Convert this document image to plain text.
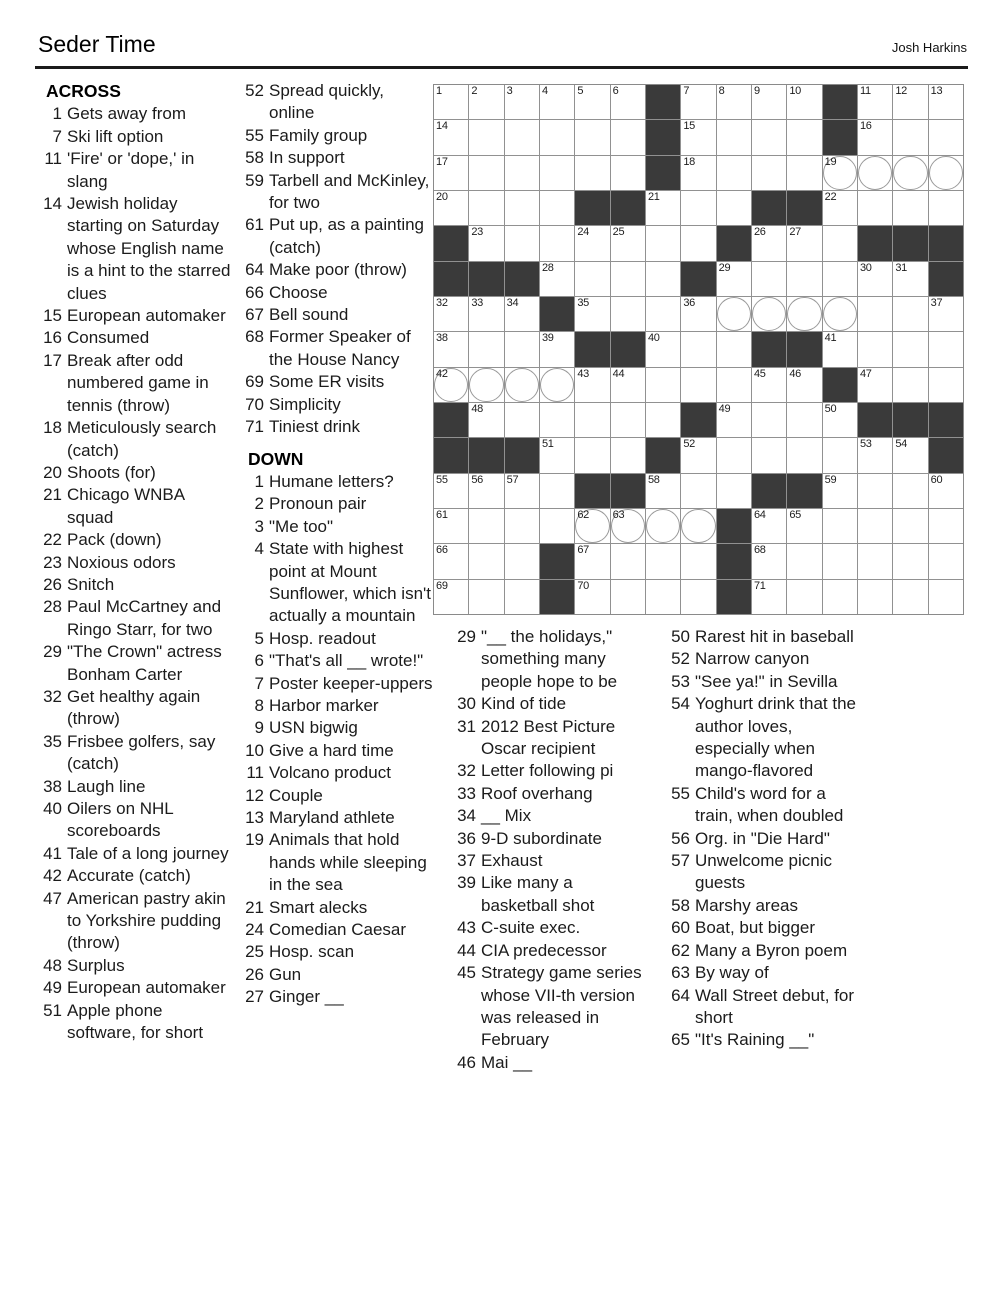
Seder Time	Josh Harkins
1	2	3	4	5	6	7	8	9	10	11 12 13
14	15	16
17	18	19
20	21	22
23	24 25	26 27
28	29	30 31
32 33 34	35	36	37
38	39	40	41
42	43 44	45 46	47
48	49	50
51	52	53 54
55 56 57	58	59	60
61	62 63	64 65
66	67	68
69	70	71
ACROSS
1 Gets away from
7 Ski lift option
11 'Fire' or 'dope,' in slang
14 Jewish holiday starting on Saturday whose English name is a hint to the starred clues
15 European automaker
16 Consumed
17 Break after odd numbered game in tennis (throw)
18 Meticulously search (catch)
20 Shoots (for)
21 Chicago WNBA squad
22 Pack (down)
23 Noxious odors
26 Snitch
28 Paul McCartney and Ringo Starr, for two
29 "The Crown" actress Bonham Carter
32 Get healthy again (throw)
35 Frisbee golfers, say (catch)
38 Laugh line
40 Oilers on NHL scoreboards
41 Tale of a long journey
42 Accurate (catch)
47 American pastry akin to Yorkshire pudding (throw)
48 Surplus
49 European automaker
51 Apple phone software, for short
52 Spread quickly, online
55 Family group
58 In support
59 Tarbell and McKinley, for two
61 Put up, as a painting (catch)
64 Make poor (throw)
66 Choose
67 Bell sound
68 Former Speaker of the House Nancy
69 Some ER visits
70 Simplicity
71 Tiniest drink
DOWN
1 Humane letters?
2 Pronoun pair
3 "Me too"
4 State with highest point at Mount Sunflower, which isn't actually a mountain
5 Hosp. readout
6 "That's all __ wrote!"
7 Poster keeper-uppers
8 Harbor marker
9 USN bigwig
10 Give a hard time
11 Volcano product
12 Couple
13 Maryland athlete
19 Animals that hold hands while sleeping in the sea
21 Smart alecks
24 Comedian Caesar
25 Hosp. scan
26 Gun
27 Ginger __
29 "__ the holidays," something many people hope to be
30 Kind of tide
31 2012 Best Picture Oscar recipient
32 Letter following pi
33 Roof overhang
34 __ Mix
36 9-D subordinate
37 Exhaust
39 Like many a basketball shot
43 C-suite exec.
44 CIA predecessor
45 Strategy game series whose VII-th version was released in February
46 Mai __
50 Rarest hit in baseball
52 Narrow canyon
53 "See ya!" in Sevilla
54 Yoghurt drink that the author loves, especially when mango-flavored
55 Child's word for a train, when doubled
56 Org. in "Die Hard"
57 Unwelcome picnic guests
58 Marshy areas
60 Boat, but bigger
62 Many a Byron poem
63 By way of
64 Wall Street debut, for short
65 "It's Raining __"
